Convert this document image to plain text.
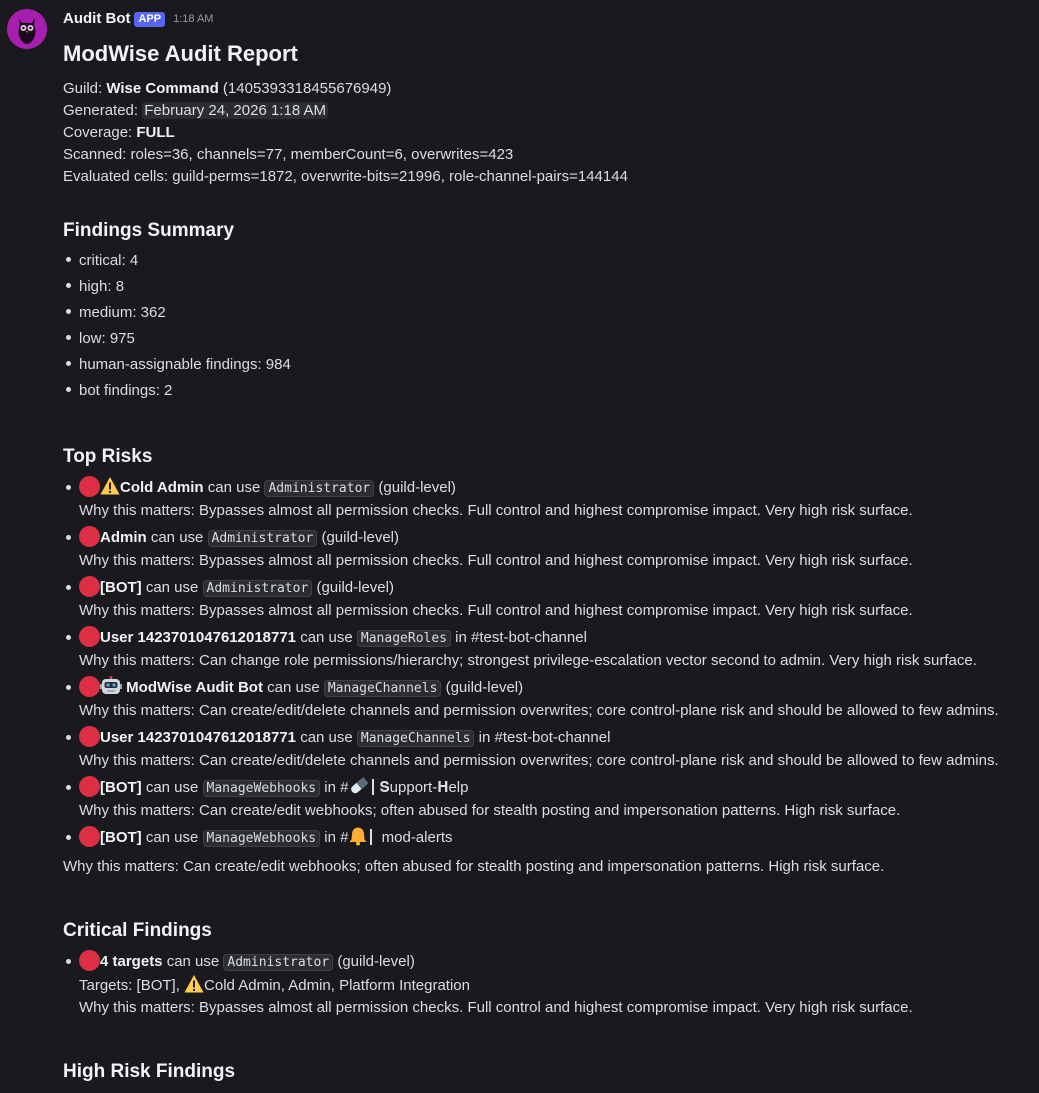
Audit Bot APP	1:18 AM
ModWise Audit Report
Guild: Wise Command (1405393318455676949)
Generated: February 24, 2026 1:18 AM
Coverage: FULL
Scanned: roles=36, channels=77, memberCount=6, overwrites=423
Evaluated cells: guild-perms=1872, overwrite-bits=21996, role-channel-pairs=144144
Findings Summary
critical: 4
high: 8
medium: 362
low: 975
human-assignable findings: 984
bot findings: 2
Top Risks
Cold Admin can use Administrator (guild-level)
Why this matters: Bypasses almost all permission checks. Full control and highest compromise impact. Very high risk surface.
Admin can use Administrator (guild-level)
Why this matters: Bypasses almost all permission checks. Full control and highest compromise impact. Very high risk surface.
[BOT] can use Administrator (guild-level)
Why this matters: Bypasses almost all permission checks. Full control and highest compromise impact. Very high risk surface.
User 1423701047612018771 can use ManageRoles in #test-bot-channel
Why this matters: Can change role permissions/hierarchy; strongest privilege-escalation vector second to admin. Very high risk surface.
ModWise Audit Bot can use ManageChannels (guild-level)
Why this matters: Can create/edit/delete channels and permission overwrites; core control-plane risk and should be allowed to few admins.
User 1423701047612018771 can use ManageChannels in #test-bot-channel
Why this matters: Can create/edit/delete channels and permission overwrites; core control-plane risk and should be allowed to few admins.
[BOT] can use ManageWebhooks in # 𝐒upport-𝐇elp
Why this matters: Can create/edit webhooks; often abused for stealth posting and impersonation patterns. High risk surface.
[BOT] can use ManageWebhooks in # mod-alerts
Why this matters: Can create/edit webhooks; often abused for stealth posting and impersonation patterns. High risk surface.
Critical Findings
4 targets can use Administrator (guild-level)
Targets: [BOT], Cold Admin, Admin, Platform Integration
Why this matters: Bypasses almost all permission checks. Full control and highest compromise impact. Very high risk surface.
High Risk Findings
